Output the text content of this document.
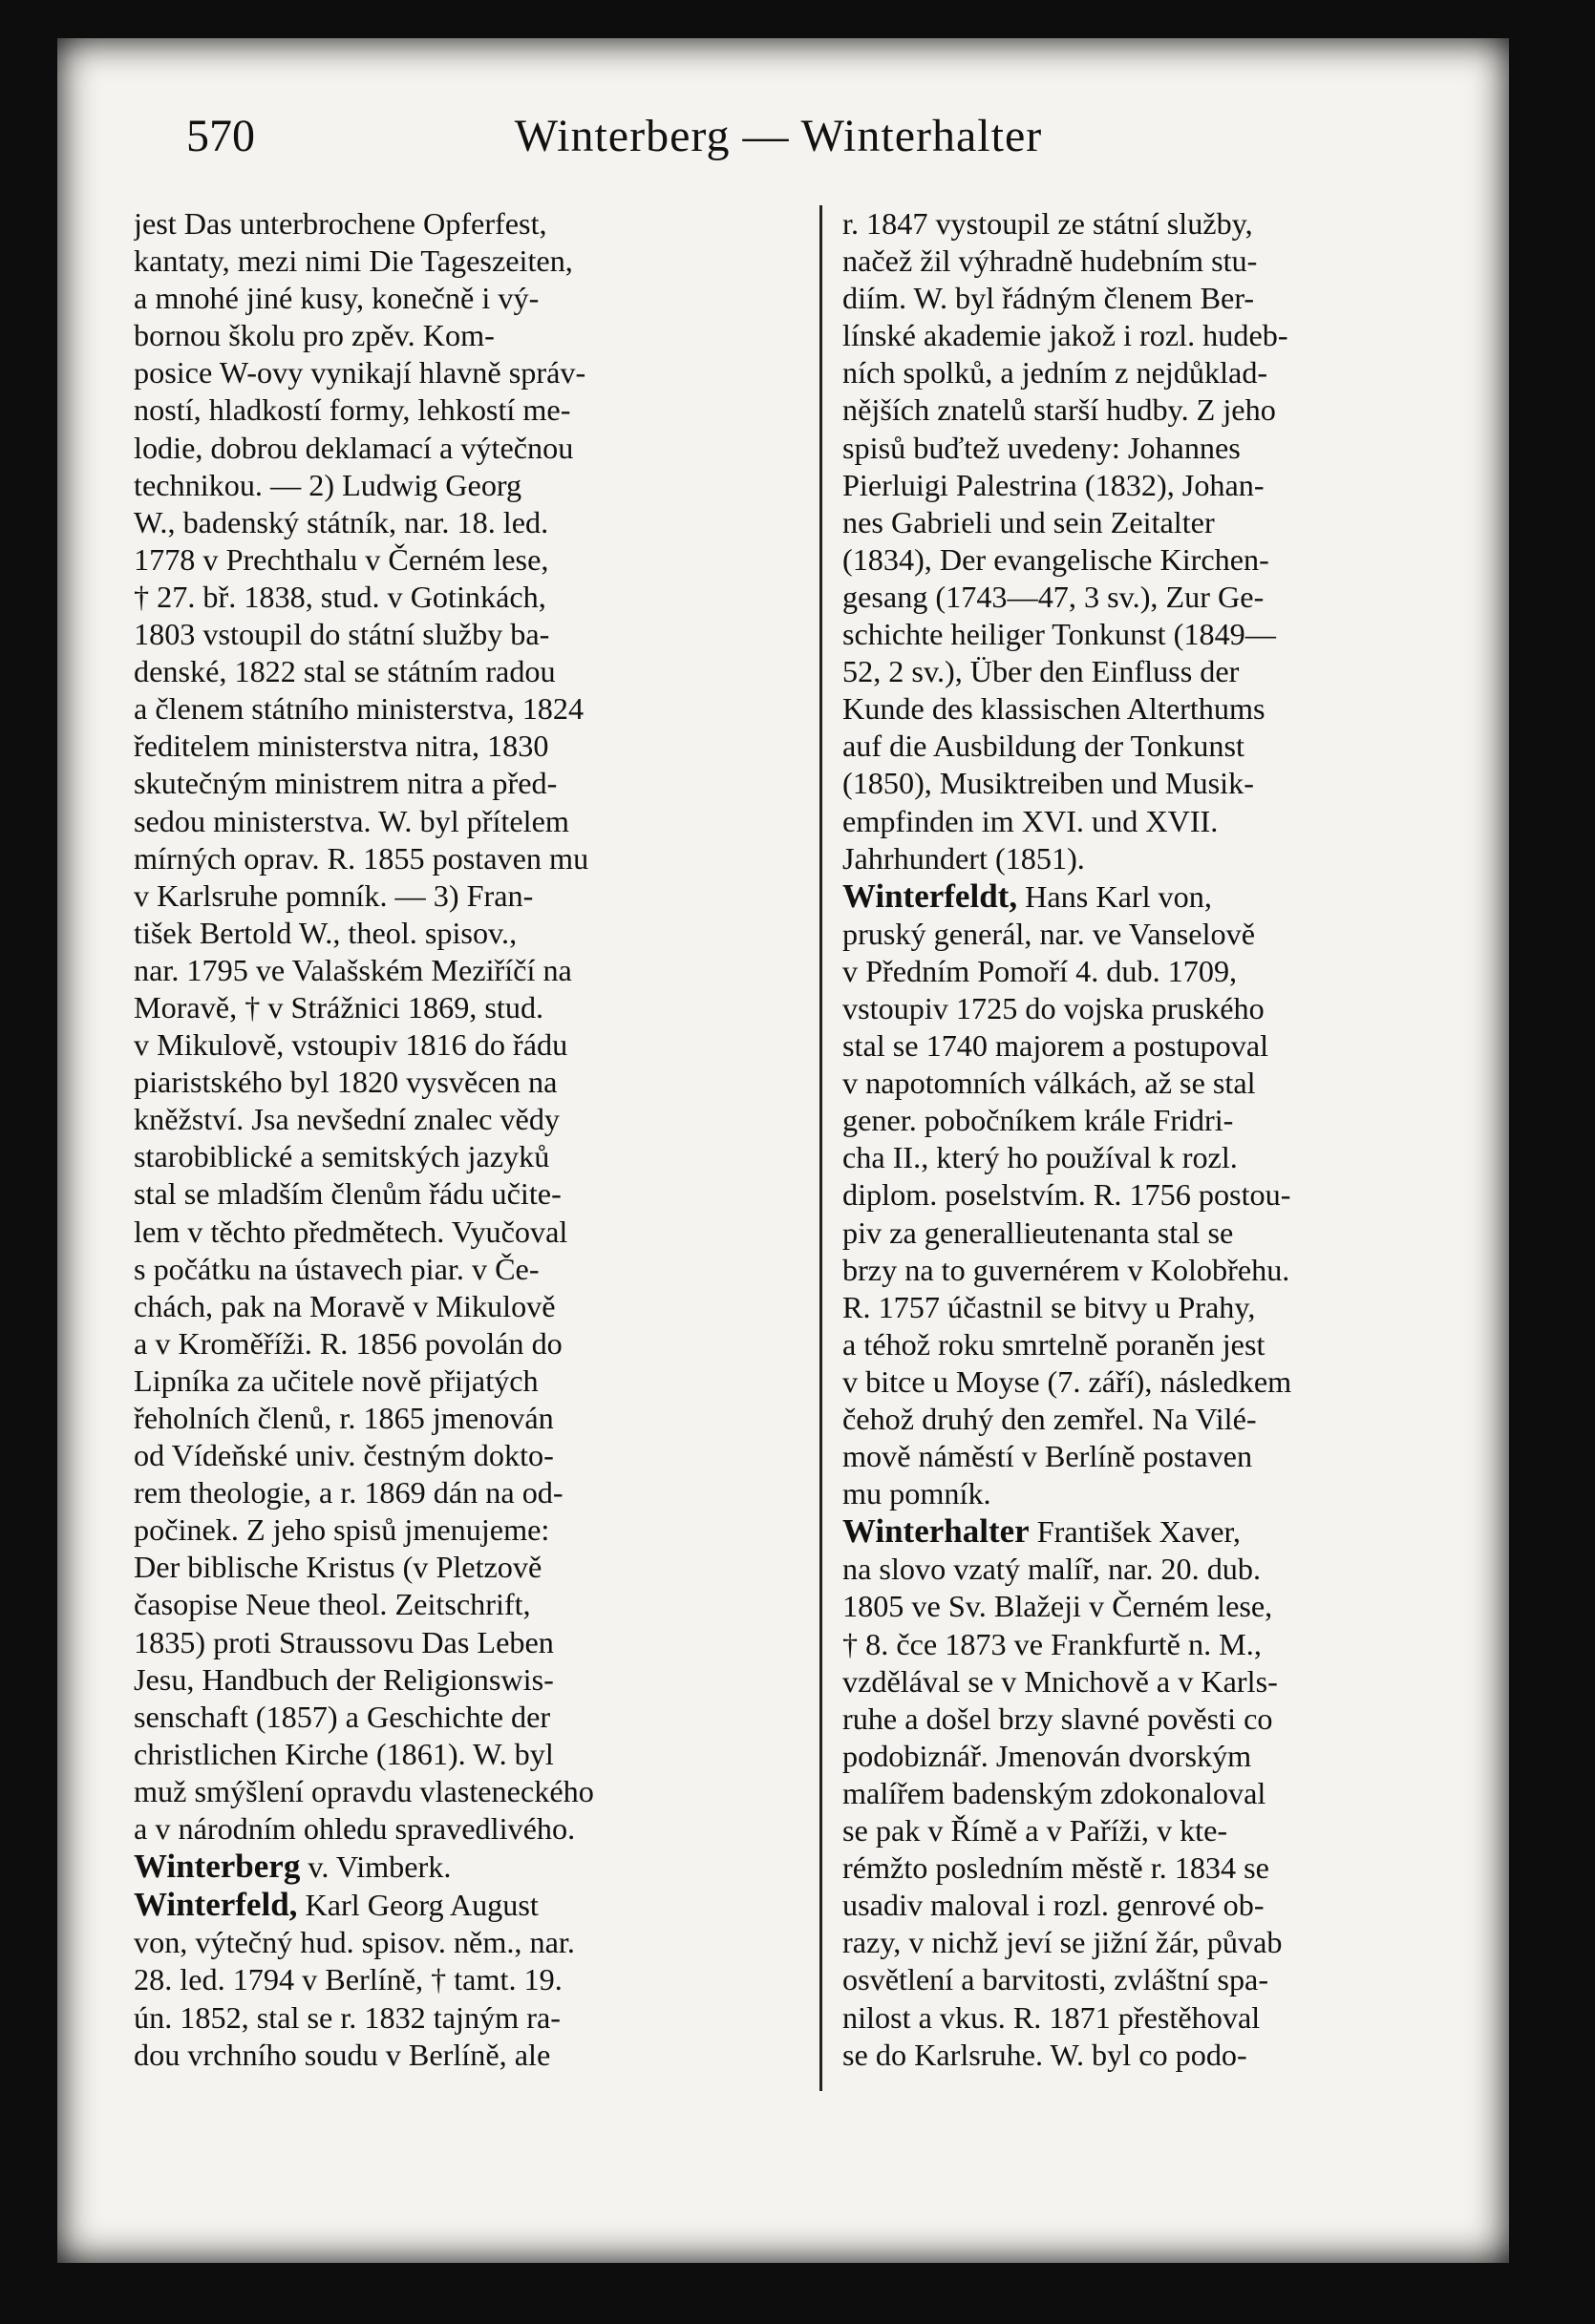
570	Winterberg — Winterhalter
jest Das unterbrochene Opferfest,
kantaty, mezi nimi Die Tageszeiten,
a mnohé jiné kusy, konečně i vý-
bornou školu pro zpěv. Kom-
posice W-ovy vynikají hlavně správ-
ností, hladkostí formy, lehkostí me-
lodie, dobrou deklamací a výtečnou
technikou. — 2) Ludwig Georg
W., badenský státník, nar. 18. led.
1778 v Prechthalu v Černém lese,
† 27. bř. 1838, stud. v Gotinkách,
1803 vstoupil do státní služby ba-
denské, 1822 stal se státním radou
a členem státního ministerstva, 1824
ředitelem ministerstva nitra, 1830
skutečným ministrem nitra a před-
sedou ministerstva. W. byl přítelem
mírných oprav. R. 1855 postaven mu
v Karlsruhe pomník. — 3) Fran-
tišek Bertold W., theol. spisov.,
nar. 1795 ve Valašském Meziříčí na
Moravě, † v Strážnici 1869, stud.
v Mikulově, vstoupiv 1816 do řádu
piaristského byl 1820 vysvěcen na
kněžství. Jsa nevšední znalec vědy
starobiblické a semitských jazyků
stal se mladším členům řádu učite-
lem v těchto předmětech. Vyučoval
s počátku na ústavech piar. v Če-
chách, pak na Moravě v Mikulově
a v Kroměříži. R. 1856 povolán do
Lipníka za učitele nově přijatých
řeholních členů, r. 1865 jmenován
od Vídeňské univ. čestným dokto-
rem theologie, a r. 1869 dán na od-
počinek. Z jeho spisů jmenujeme:
Der biblische Kristus (v Pletzově
časopise Neue theol. Zeitschrift,
1835) proti Straussovu Das Leben
Jesu, Handbuch der Religionswis-
senschaft (1857) a Geschichte der
christlichen Kirche (1861). W. byl
muž smýšlení opravdu vlasteneckého
a v národním ohledu spravedlivého.
Winterberg v. Vimberk.
Winterfeld, Karl Georg August
von, výtečný hud. spisov. něm., nar.
28. led. 1794 v Berlíně, † tamt. 19.
ún. 1852, stal se r. 1832 tajným ra-
dou vrchního soudu v Berlíně, ale
r. 1847 vystoupil ze státní služby,
načež žil výhradně hudebním stu-
diím. W. byl řádným členem Ber-
línské akademie jakož i rozl. hudeb-
ních spolků, a jedním z nejdůklad-
nějších znatelů starší hudby. Z jeho
spisů buďtež uvedeny: Johannes
Pierluigi Palestrina (1832), Johan-
nes Gabrieli und sein Zeitalter
(1834), Der evangelische Kirchen-
gesang (1743—47, 3 sv.), Zur Ge-
schichte heiliger Tonkunst (1849—
52, 2 sv.), Über den Einfluss der
Kunde des klassischen Alterthums
auf die Ausbildung der Tonkunst
(1850), Musiktreiben und Musik-
empfinden im XVI. und XVII.
Jahrhundert (1851).
Winterfeldt, Hans Karl von,
pruský generál, nar. ve Vanselově
v Předním Pomoří 4. dub. 1709,
vstoupiv 1725 do vojska pruského
stal se 1740 majorem a postupoval
v napotomních válkách, až se stal
gener. pobočníkem krále Fridri-
cha II., který ho používal k rozl.
diplom. poselstvím. R. 1756 postou-
piv za generallieutenanta stal se
brzy na to guvernérem v Kolobřehu.
R. 1757 účastnil se bitvy u Prahy,
a téhož roku smrtelně poraněn jest
v bitce u Moyse (7. září), následkem
čehož druhý den zemřel. Na Vilé-
mově náměstí v Berlíně postaven
mu pomník.
Winterhalter František Xaver,
na slovo vzatý malíř, nar. 20. dub.
1805 ve Sv. Blažeji v Černém lese,
† 8. čce 1873 ve Frankfurtě n. M.,
vzdělával se v Mnichově a v Karls-
ruhe a došel brzy slavné pověsti co
podobiznář. Jmenován dvorským
malířem badenským zdokonaloval
se pak v Římě a v Paříži, v kte-
rémžto posledním městě r. 1834 se
usadiv maloval i rozl. genrové ob-
razy, v nichž jeví se jižní žár, půvab
osvětlení a barvitosti, zvláštní spa-
nilost a vkus. R. 1871 přestěhoval
se do Karlsruhe. W. byl co podo-
